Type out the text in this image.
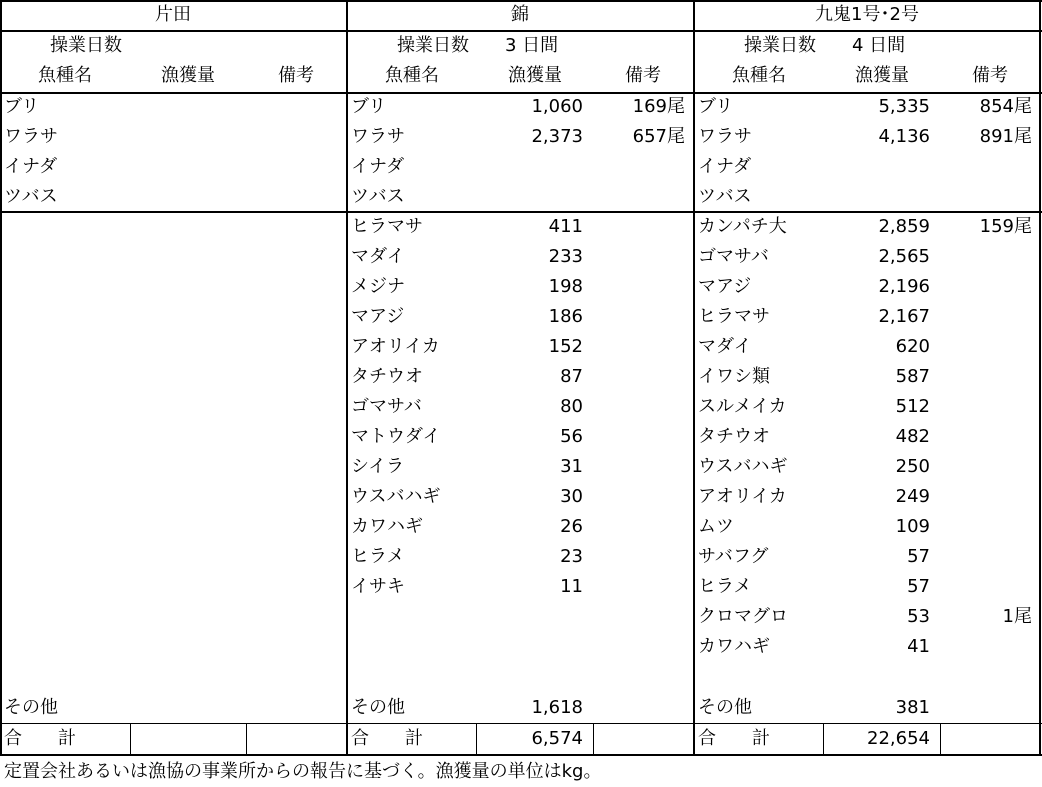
片田
操業日数
魚種名	漁獲量	備考
ブリ
ワラサ
イナダ
ツバス
その他
合　　計
錦
操業日数	3 日間
魚種名	漁獲量	備考
ブリ	1,060	169尾
ワラサ	2,373	657尾
イナダ
ツバス
ヒラマサ	411
マダイ	233
メジナ	198
マアジ	186
アオリイカ	152
タチウオ	87
ゴマサバ	80
マトウダイ	56
シイラ	31
ウスバハギ	30
カワハギ	26
ヒラメ	23
イサキ	11
その他	1,618
合　　計	6,574
九鬼1号･2号
操業日数	4 日間
魚種名	漁獲量	備考
ブリ	5,335	854尾
ワラサ	4,136	891尾
イナダ
ツバス
カンパチ大	2,859	159尾
ゴマサバ	2,565
マアジ	2,196
ヒラマサ	2,167
マダイ	620
イワシ類	587
スルメイカ	512
タチウオ	482
ウスバハギ	250
アオリイカ	249
ムツ	109
サバフグ	57
ヒラメ	57
クロマグロ	53	1尾
カワハギ	41
その他	381
合　　計	22,654
定置会社あるいは漁協の事業所からの報告に基づく。漁獲量の単位はkg。
